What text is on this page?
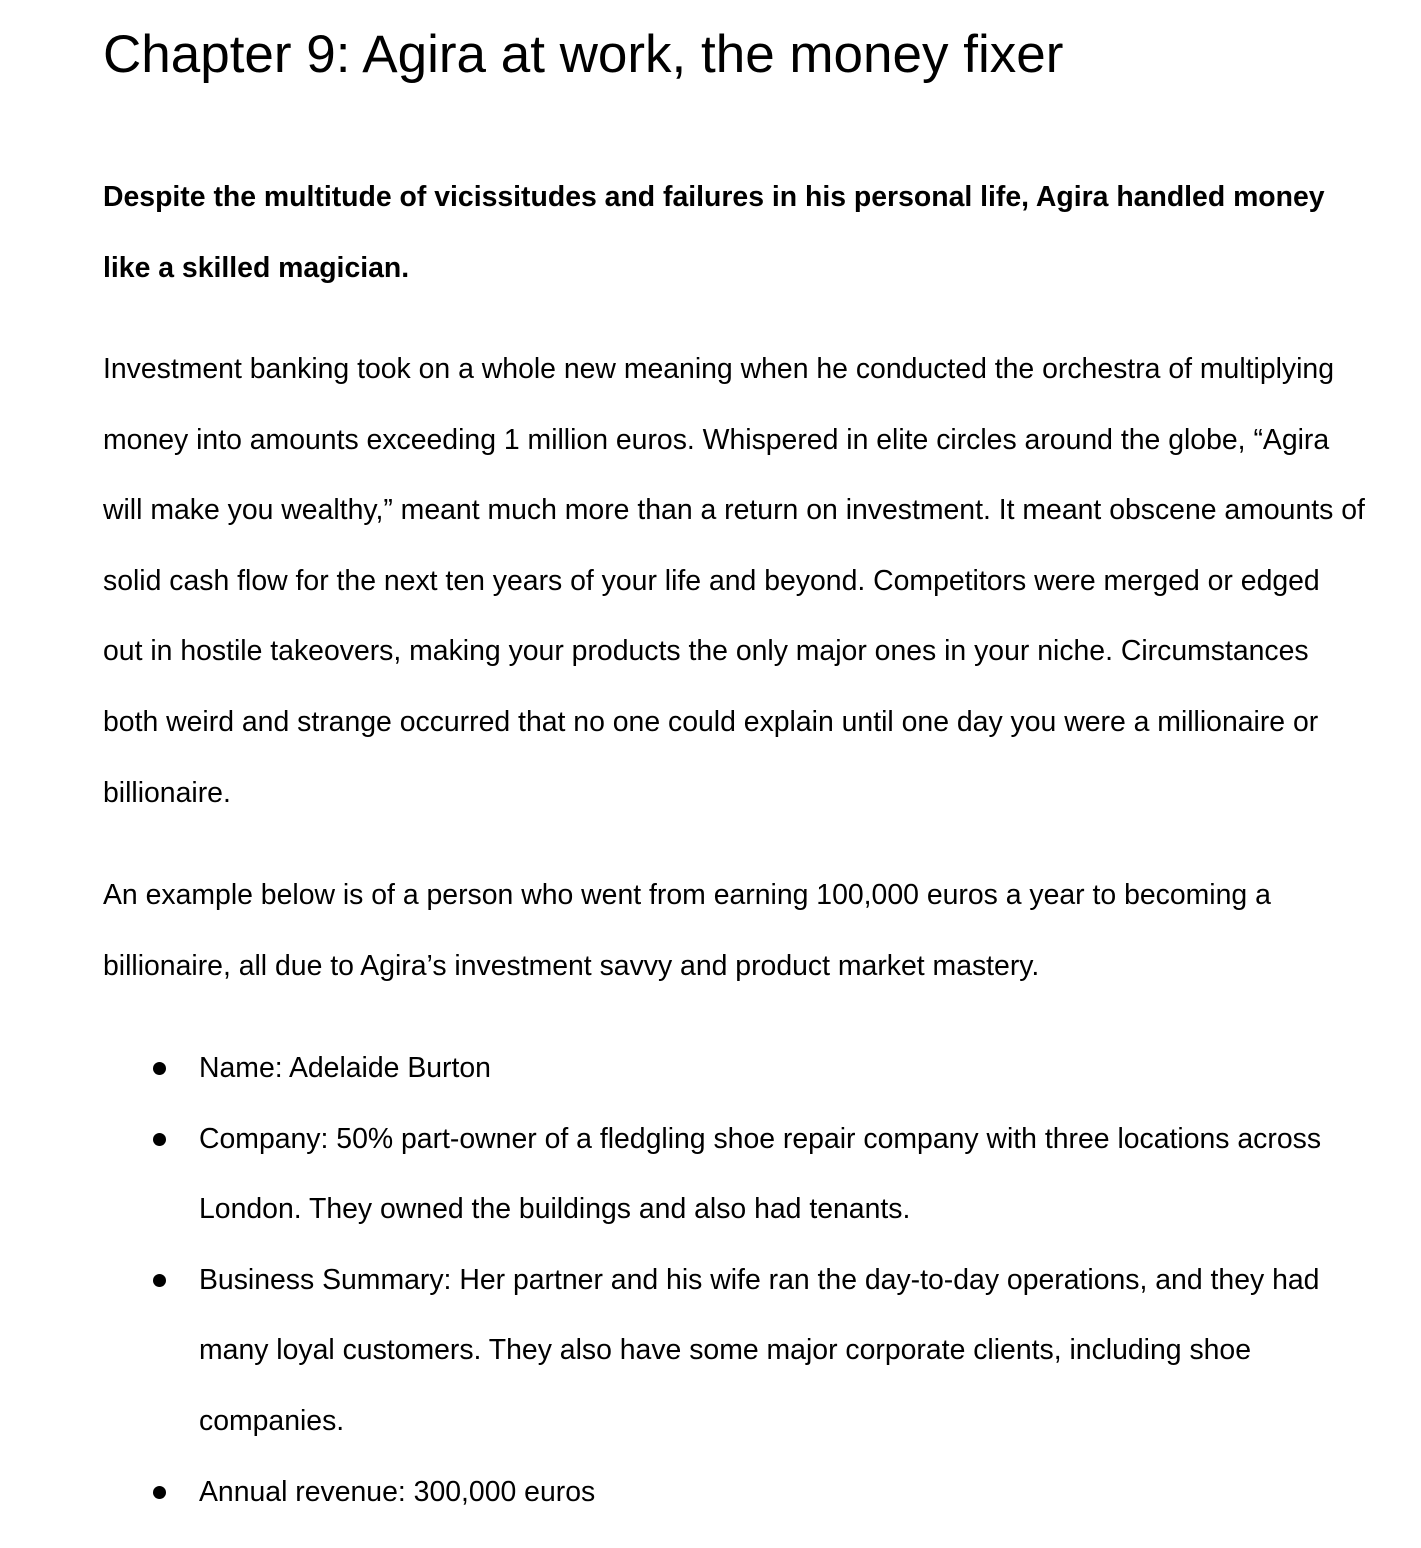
Chapter 9: Agira at work, the money fixer

Despite the multitude of vicissitudes and failures in his personal life, Agira handled money like a skilled magician.

Investment banking took on a whole new meaning when he conducted the orchestra of multiplying money into amounts exceeding 1 million euros. Whispered in elite circles around the globe, “Agira will make you wealthy,” meant much more than a return on investment. It meant obscene amounts of solid cash flow for the next ten years of your life and beyond. Competitors were merged or edged out in hostile takeovers, making your products the only major ones in your niche. Circumstances both weird and strange occurred that no one could explain until one day you were a millionaire or billionaire.

An example below is of a person who went from earning 100,000 euros a year to becoming a billionaire, all due to Agira’s investment savvy and product market mastery.

Name: Adelaide Burton
Company: 50% part-owner of a fledgling shoe repair company with three locations across London. They owned the buildings and also had tenants.
Business Summary: Her partner and his wife ran the day-to-day operations, and they had many loyal customers. They also have some major corporate clients, including shoe companies.
Annual revenue: 300,000 euros
